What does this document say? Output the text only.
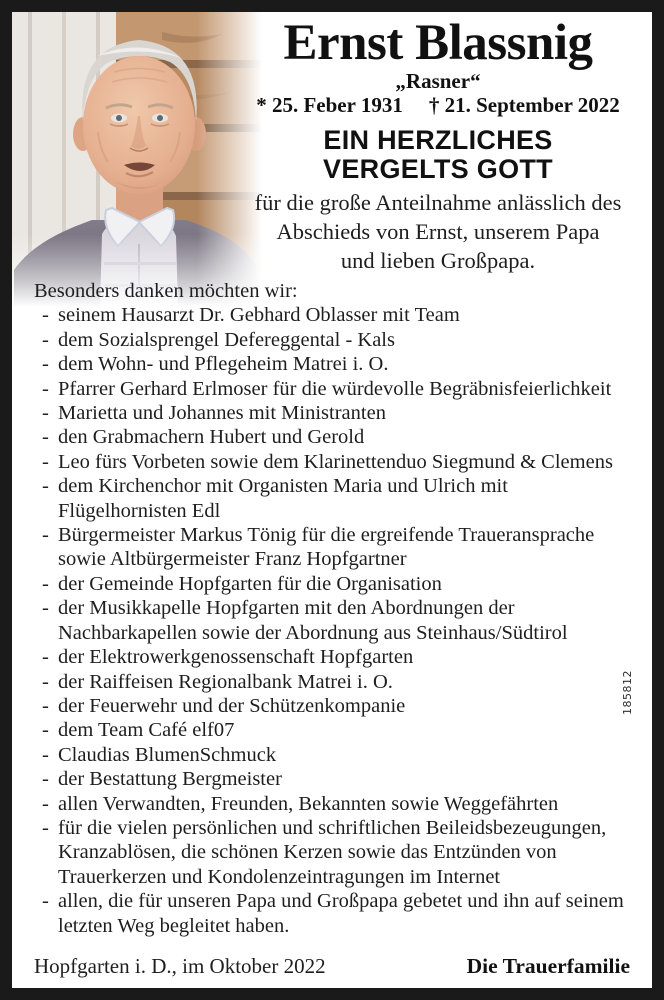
Ernst Blassnig
„Rasner“
* 25. Feber 1931 † 21. September 2022
EIN HERZLICHES
VERGELTS GOTT
für die große Anteilnahme anlässlich des
Abschieds von Ernst, unserem Papa
und lieben Großpapa.
Besonders danken möchten wir:
- seinem Hausarzt Dr. Gebhard Oblasser mit Team
- dem Sozialsprengel Defereggental - Kals
- dem Wohn- und Pflegeheim Matrei i. O.
- Pfarrer Gerhard Erlmoser für die würdevolle Begräbnisfeierlichkeit
- Marietta und Johannes mit Ministranten
- den Grabmachern Hubert und Gerold
- Leo fürs Vorbeten sowie dem Klarinettenduo Siegmund & Clemens
- dem Kirchenchor mit Organisten Maria und Ulrich mit Flügelhornisten Edl
- Bürgermeister Markus Tönig für die ergreifende Traueransprache sowie Altbürgermeister Franz Hopfgartner
- der Gemeinde Hopfgarten für die Organisation
- der Musikkapelle Hopfgarten mit den Abordnungen der Nachbarkapellen sowie der Abordnung aus Steinhaus/Südtirol
- der Elektrowerkgenossenschaft Hopfgarten
- der Raiffeisen Regionalbank Matrei i. O.
- der Feuerwehr und der Schützenkompanie
- dem Team Café elf07
- Claudias BlumenSchmuck
- der Bestattung Bergmeister
- allen Verwandten, Freunden, Bekannten sowie Weggefährten
- für die vielen persönlichen und schriftlichen Beileidsbezeugungen, Kranzablösen, die schönen Kerzen sowie das Entzünden von Trauerkerzen und Kondolenzeintragungen im Internet
- allen, die für unseren Papa und Großpapa gebetet und ihn auf seinem letzten Weg begleitet haben.
Hopfgarten i. D., im Oktober 2022	Die Trauerfamilie
185812
